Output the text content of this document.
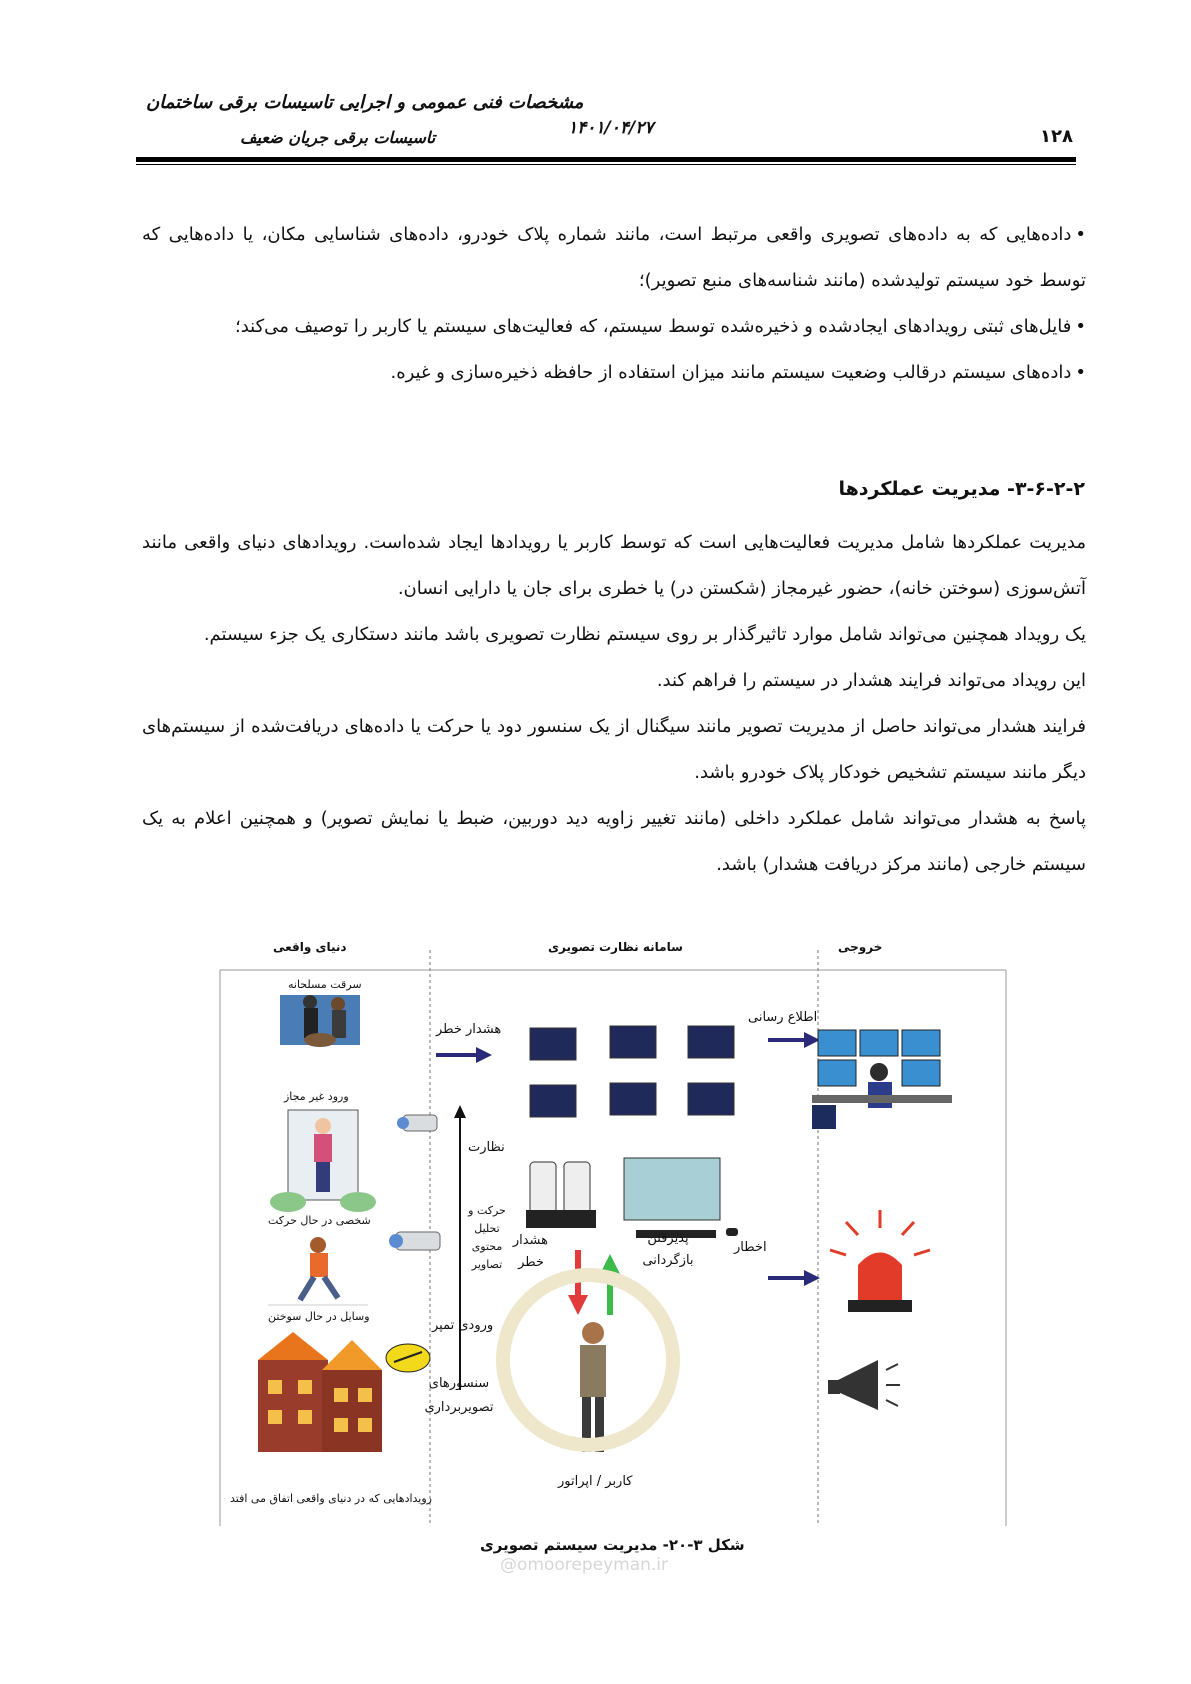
مشخصات فنی عمومی و اجرایی تاسیسات برقی ساختمان
تاسیسات برقی جریان ضعیف	۱۴۰۱/۰۴/۲۷	۱۲۸
•داده‌هایی که به داده‌های تصویری واقعی مرتبط است، مانند شماره پلاک خودرو، داده‌های شناسایی مکان، یا داده‌هایی که توسط خود سیستم تولیدشده (مانند شناسه‌های منبع تصویر)؛
•فایل‌های ثبتی رویدادهای ایجادشده و ذخیره‌شده توسط سیستم، که فعالیت‌های سیستم یا کاربر را توصیف می‌کند؛
•داده‌های سیستم درقالب وضعیت سیستم مانند میزان استفاده از حافظه ذخیره‌سازی و غیره.
۳-۶-۲-۲- مدیریت عملکردها

مدیریت عملکردها شامل مدیریت فعالیت‌هایی است که توسط کاربر یا رویدادها ایجاد شده‌است. رویدادهای دنیای واقعی مانند آتش‌سوزی (سوختن خانه)، حضور غیرمجاز (شکستن در) یا خطری برای جان یا دارایی انسان.

یک رویداد همچنین می‌تواند شامل موارد تاثیرگذار بر روی سیستم نظارت تصویری باشد مانند دستکاری یک جزء سیستم.

این رویداد می‌تواند فرایند هشدار در سیستم را فراهم کند.

فرایند هشدار می‌تواند حاصل از مدیریت تصویر مانند سیگنال از یک سنسور دود یا حرکت یا داده‌های دریافت‌شده از سیستم‌های دیگر مانند سیستم تشخیص خودکار پلاک خودرو باشد.

پاسخ به هشدار می‌تواند شامل عملکرد داخلی (مانند تغییر زاویه دید دوربین، ضبط یا نمایش تصویر) و همچنین اعلام به یک سیستم خارجی (مانند مرکز دریافت هشدار) باشد.

دنیای واقعی	سامانه نظارت تصویری	خروجی
سرقت مسلحانه
ورود غیر مجاز
شخصی در حال حرکت
وسایل در حال سوختن
رویدادهایی که در دنیای واقعی اتفاق می افتد
هشدار خطر
اطلاع رسانی
نظارت
حرکت و تحلیل محتوی تصاویر
هشدار خطر
پذیرفتن بازگردانی
اخطار
ورودی تمپر
سنسورهای تصویربرداری
کاربر / اپراتور
شکل ۳-۲۰- مدیریت سیستم تصویری
@omoorepeyman.ir
